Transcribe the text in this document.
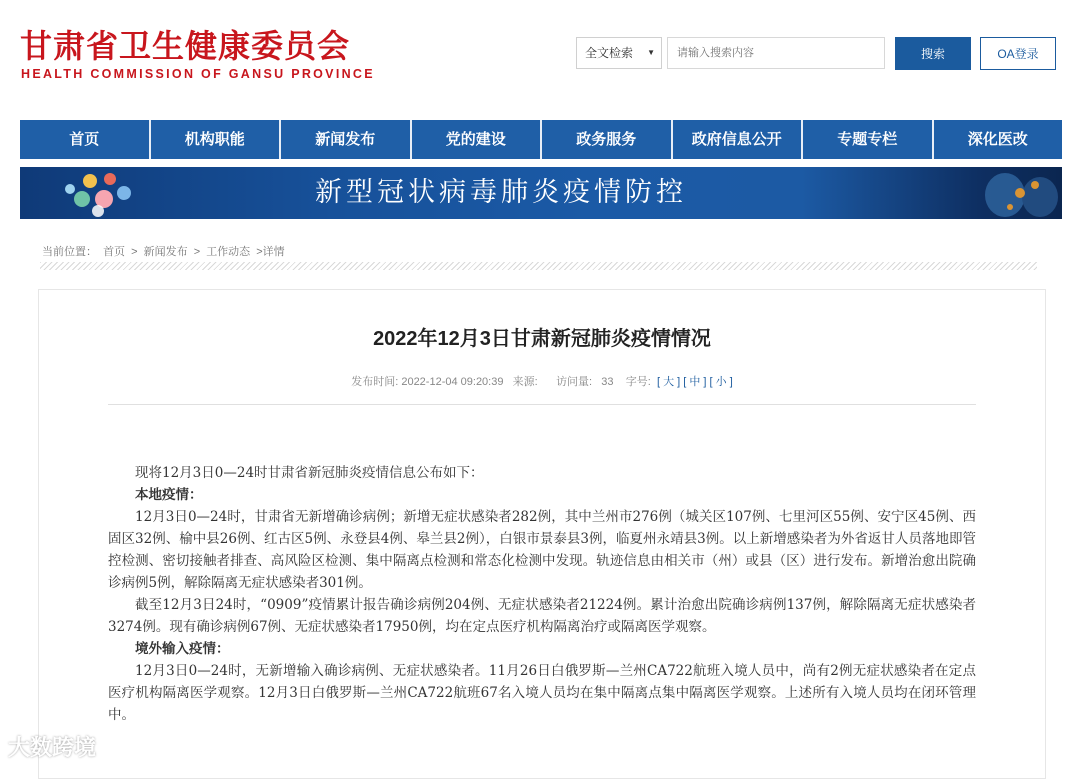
甘肃省卫生健康委员会
HEALTH COMMISSION OF GANSU PROVINCE
全文检索 ▼
请输入搜索内容	搜索	OA登录
首页	机构职能	新闻发布	党的建设	政务服务	政府信息公开	专题专栏	深化医改
新型冠状病毒肺炎疫情防控
当前位置： 首页 > 新闻发布 > 工作动态 >详情
2022年12月3日甘肃新冠肺炎疫情情况
发布时间: 2022-12-04 09:20:39 来源: 访问量: 33 字号: [ 大 ] [ 中 ] [ 小 ]

现将12月3日0—24时甘肃省新冠肺炎疫情信息公布如下：

本地疫情：

12月3日0—24时，甘肃省无新增确诊病例；新增无症状感染者282例，其中兰州市276例（城关区107例、七里河区55例、安宁区45例、西固区32例、榆中县26例、红古区5例、永登县4例、皋兰县2例），白银市景泰县3例，临夏州永靖县3例。以上新增感染者为外省返甘人员落地即管控检测、密切接触者排查、高风险区检测、集中隔离点检测和常态化检测中发现。轨迹信息由相关市（州）或县（区）进行发布。新增治愈出院确诊病例5例，解除隔离无症状感染者301例。

截至12月3日24时，“0909”疫情累计报告确诊病例204例、无症状感染者21224例。累计治愈出院确诊病例137例，解除隔离无症状感染者3274例。现有确诊病例67例、无症状感染者17950例，均在定点医疗机构隔离治疗或隔离医学观察。

境外输入疫情：

12月3日0—24时，无新增输入确诊病例、无症状感染者。11月26日白俄罗斯—兰州CA722航班入境人员中，尚有2例无症状感染者在定点医疗机构隔离医学观察。12月3日白俄罗斯—兰州CA722航班67名入境人员均在集中隔离点集中隔离医学观察。上述所有入境人员均在闭环管理中。

大数跨境
